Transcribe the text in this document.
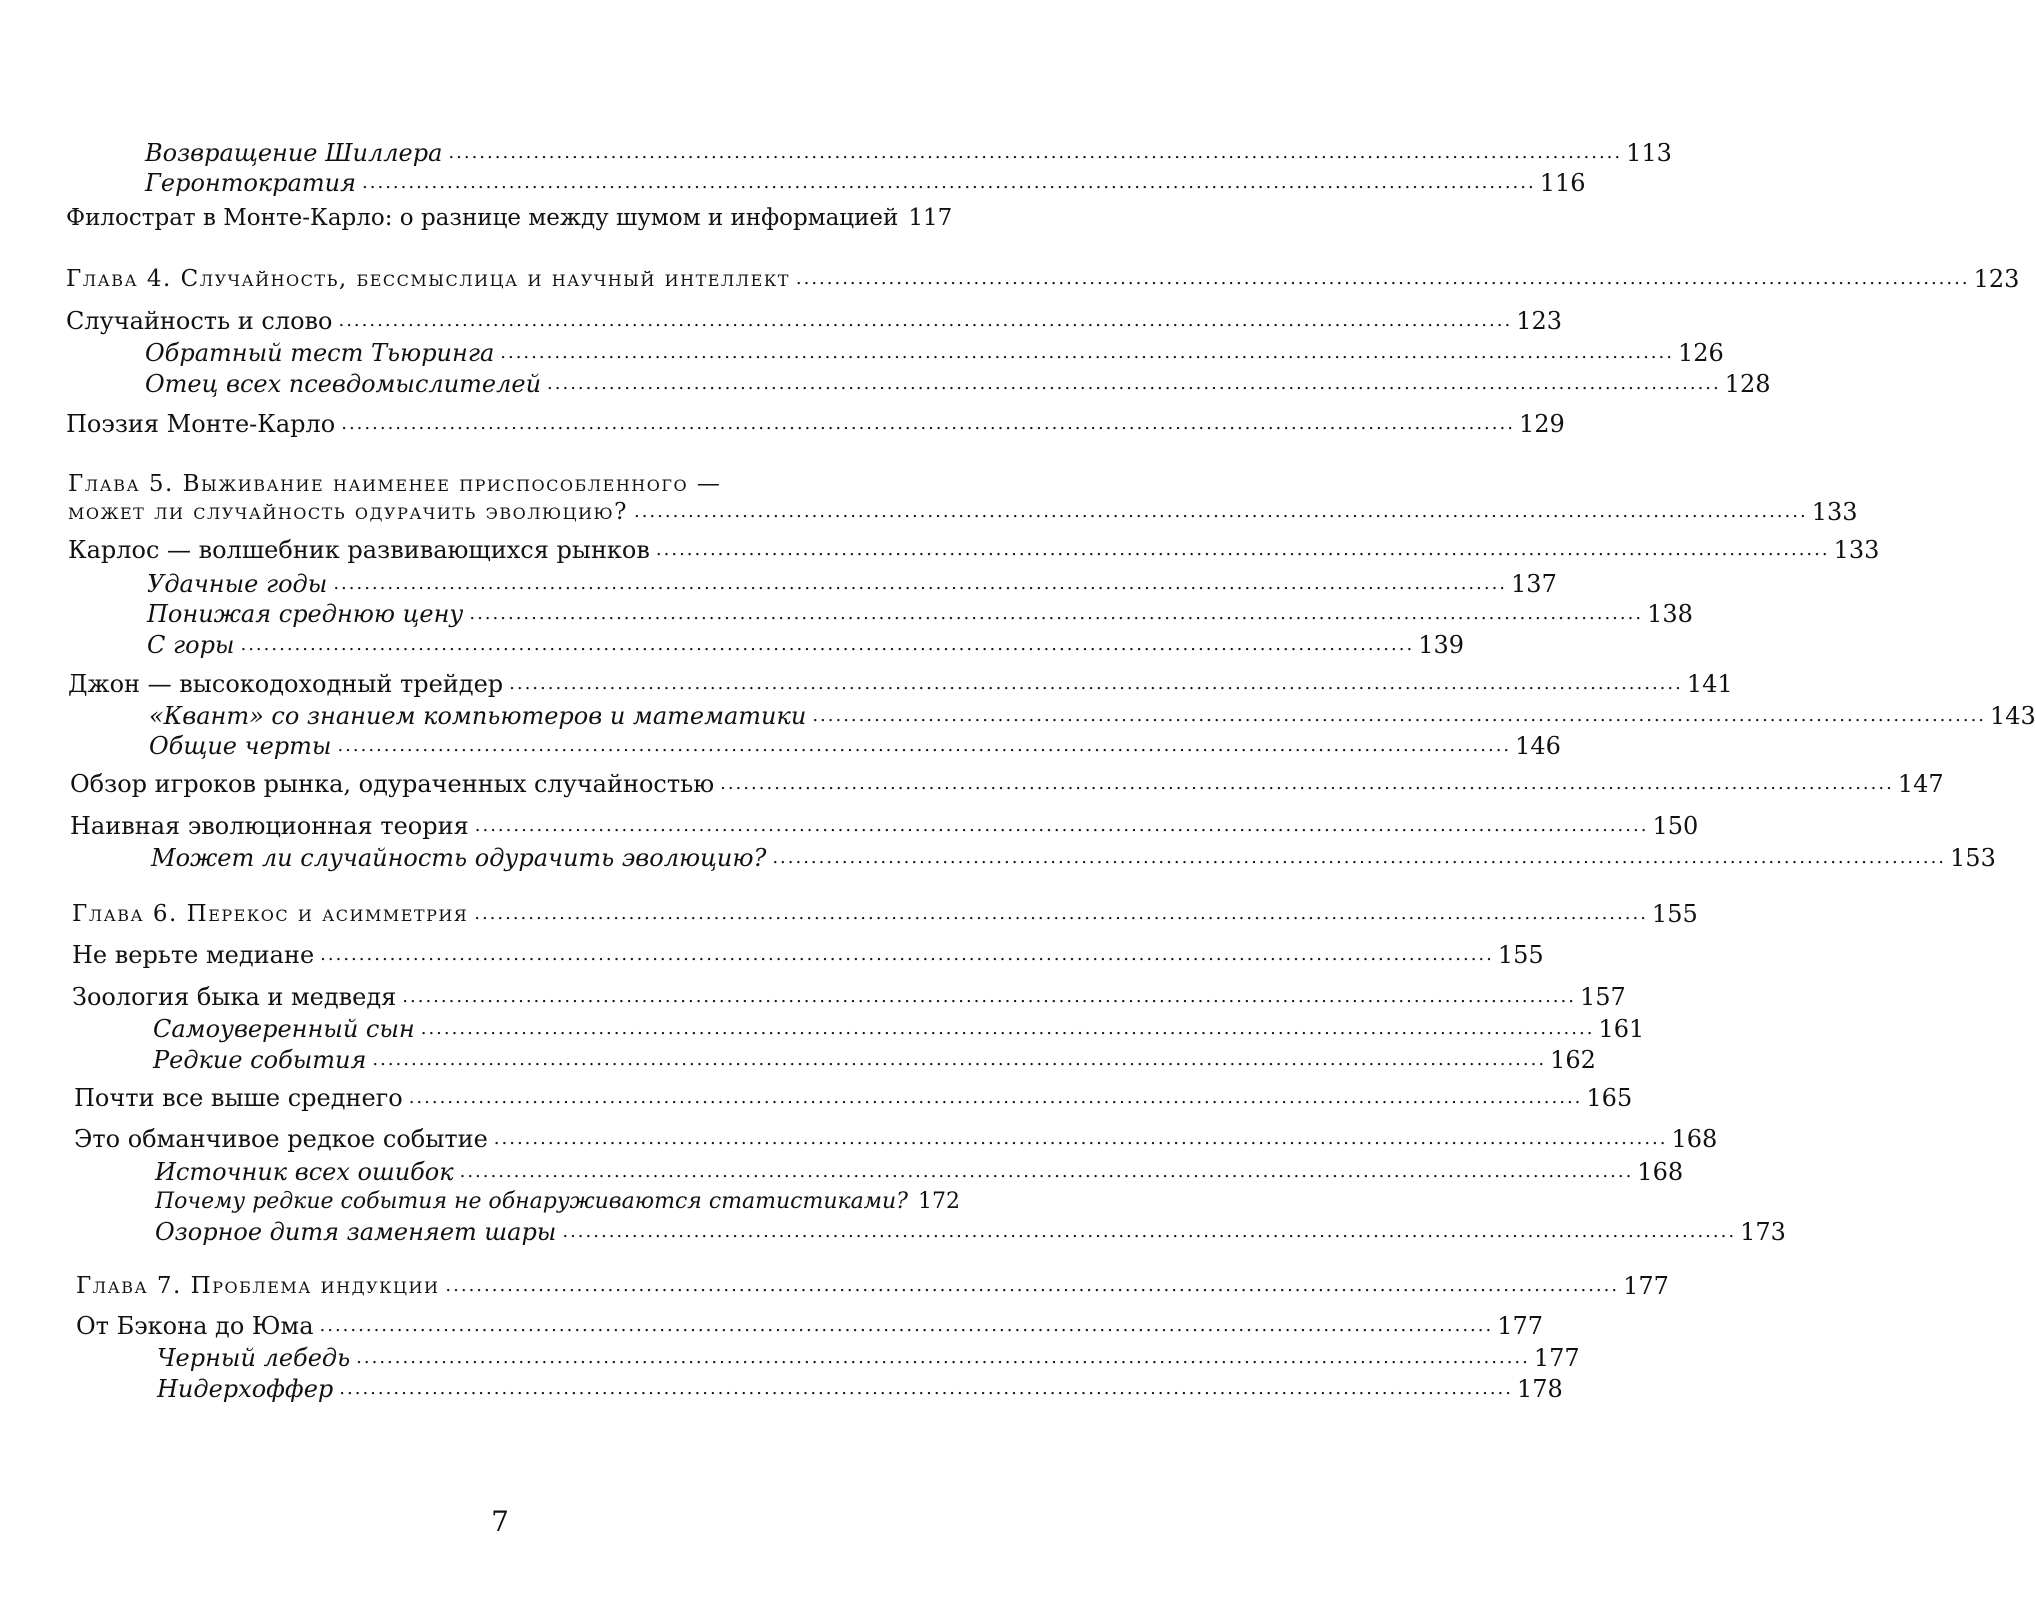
Возвращение Шиллера ........................................................................................................................................................ 113
Геронтократия ........................................................................................................................................................ 116
Филострат в Монте-Карло: о разнице между шумом и информацией 117
Глава 4. Случайность, бессмыслица и научный интеллект ........................................................................................................................................................ 123
Случайность и слово ........................................................................................................................................................ 123
Обратный тест Тьюринга ........................................................................................................................................................ 126
Отец всех псевдомыслителей ........................................................................................................................................................ 128
Поэзия Монте-Карло ........................................................................................................................................................ 129
Глава 5. Выживание наименее приспособленного —
может ли случайность одурачить эволюцию? ........................................................................................................................................................ 133
Карлос — волшебник развивающихся рынков ........................................................................................................................................................ 133
Удачные годы ........................................................................................................................................................ 137
Понижая среднюю цену ........................................................................................................................................................ 138
С горы ........................................................................................................................................................ 139
Джон — высокодоходный трейдер ........................................................................................................................................................ 141
«Квант» со знанием компьютеров и математики ........................................................................................................................................................ 143
Общие черты ........................................................................................................................................................ 146
Обзор игроков рынка, одураченных случайностью ........................................................................................................................................................ 147
Наивная эволюционная теория ........................................................................................................................................................ 150
Может ли случайность одурачить эволюцию? ........................................................................................................................................................ 153
Глава 6. Перекос и асимметрия ........................................................................................................................................................ 155
Не верьте медиане ........................................................................................................................................................ 155
Зоология быка и медведя ........................................................................................................................................................ 157
Самоуверенный сын ........................................................................................................................................................ 161
Редкие события ........................................................................................................................................................ 162
Почти все выше среднего ........................................................................................................................................................ 165
Это обманчивое редкое событие ........................................................................................................................................................ 168
Источник всех ошибок ........................................................................................................................................................ 168
Почему редкие события не обнаруживаются статистиками? 172
Озорное дитя заменяет шары ........................................................................................................................................................ 173
Глава 7. Проблема индукции ........................................................................................................................................................ 177
От Бэкона до Юма ........................................................................................................................................................ 177
Черный лебедь ........................................................................................................................................................ 177
Нидерхоффер ........................................................................................................................................................ 178
7
